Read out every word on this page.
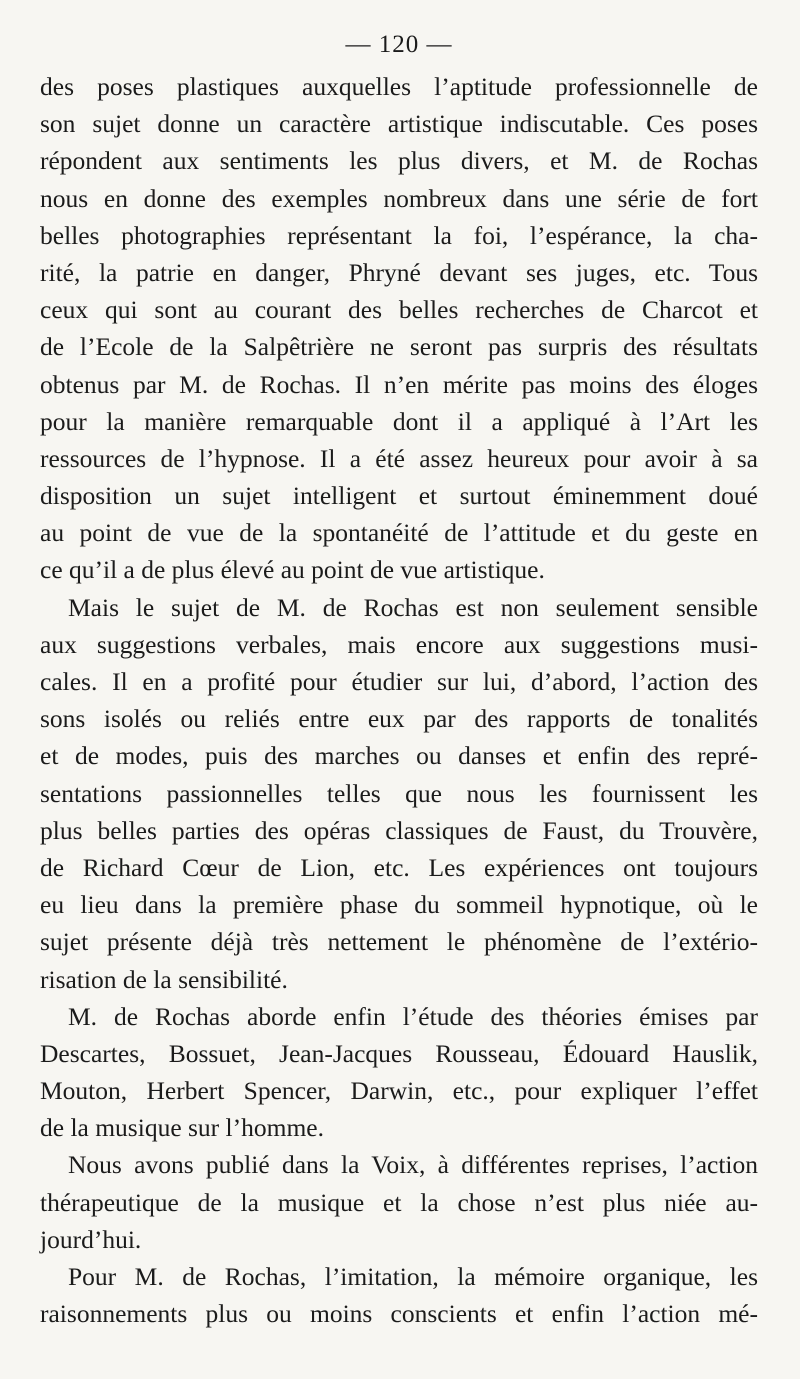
— 120 —
des poses plastiques auxquelles l’aptitude professionnelle de
son sujet donne un caractère artistique indiscutable. Ces poses
répondent aux sentiments les plus divers, et M. de Rochas
nous en donne des exemples nombreux dans une série de fort
belles photographies représentant la foi, l’espérance, la cha-
rité, la patrie en danger, Phryné devant ses juges, etc. Tous
ceux qui sont au courant des belles recherches de Charcot et
de l’Ecole de la Salpêtrière ne seront pas surpris des résultats
obtenus par M. de Rochas. Il n’en mérite pas moins des éloges
pour la manière remarquable dont il a appliqué à l’Art les
ressources de l’hypnose. Il a été assez heureux pour avoir à sa
disposition un sujet intelligent et surtout éminemment doué
au point de vue de la spontanéité de l’attitude et du geste en
ce qu’il a de plus élevé au point de vue artistique.
Mais le sujet de M. de Rochas est non seulement sensible
aux suggestions verbales, mais encore aux suggestions musi-
cales. Il en a profité pour étudier sur lui, d’abord, l’action des
sons isolés ou reliés entre eux par des rapports de tonalités
et de modes, puis des marches ou danses et enfin des repré-
sentations passionnelles telles que nous les fournissent les
plus belles parties des opéras classiques de Faust, du Trouvère,
de Richard Cœur de Lion, etc. Les expériences ont toujours
eu lieu dans la première phase du sommeil hypnotique, où le
sujet présente déjà très nettement le phénomène de l’extério-
risation de la sensibilité.
M. de Rochas aborde enfin l’étude des théories émises par
Descartes, Bossuet, Jean-Jacques Rousseau, Édouard Hauslik,
Mouton, Herbert Spencer, Darwin, etc., pour expliquer l’effet
de la musique sur l’homme.
Nous avons publié dans la Voix, à différentes reprises, l’action
thérapeutique de la musique et la chose n’est plus niée au-
jourd’hui.
Pour M. de Rochas, l’imitation, la mémoire organique, les
raisonnements plus ou moins conscients et enfin l’action mé-
